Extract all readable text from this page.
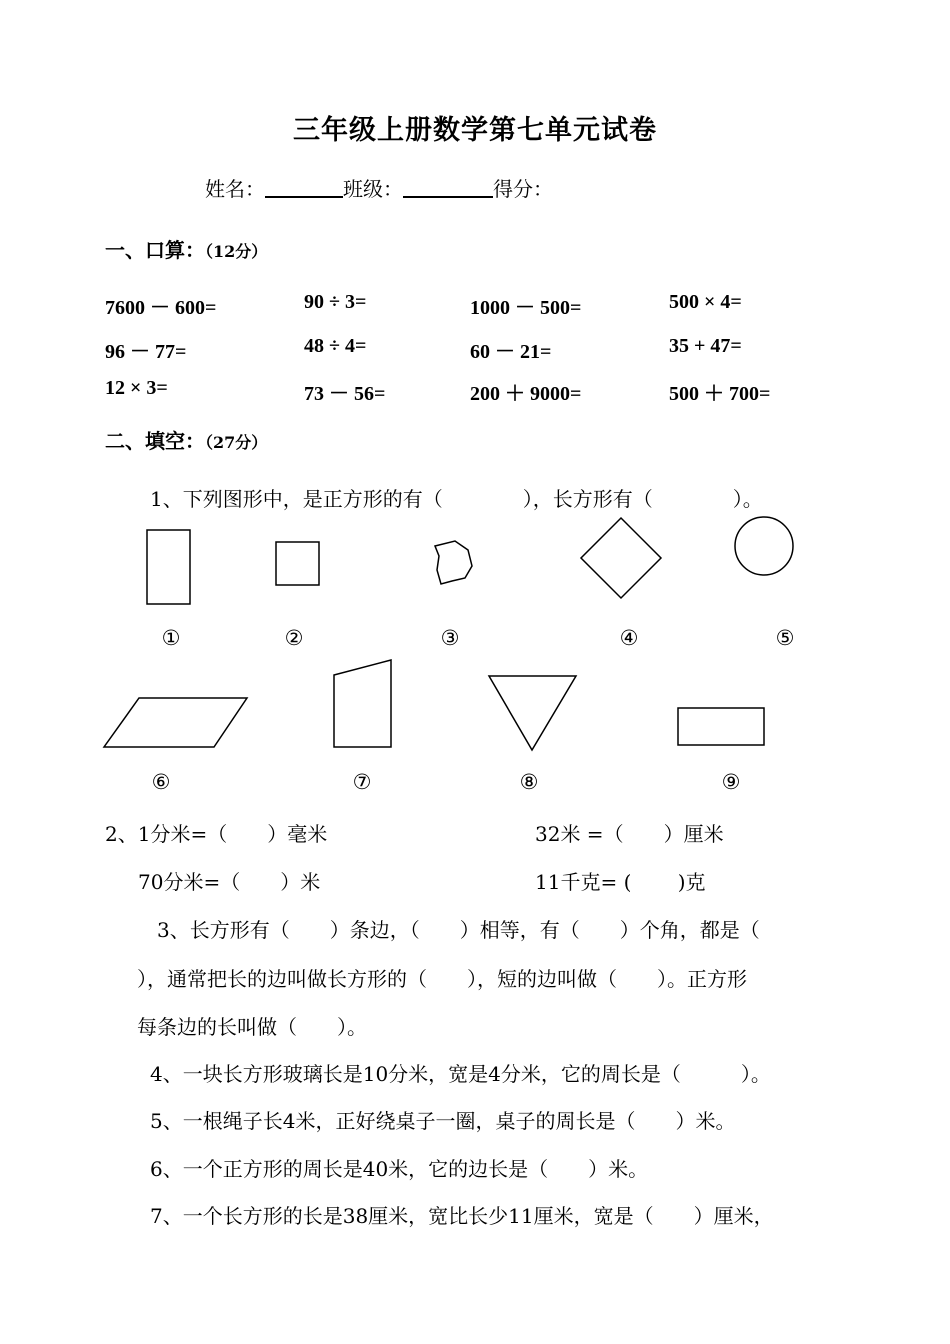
三年级上册数学第七单元试卷
姓名：	班级：	得分：
一、口算：（12分）
7600 － 600=	90 ÷ 3=	1000 － 500=	500 × 4=
96 － 77=	48 ÷ 4=	60 － 21=	35 + 47=
12 × 3=	73 － 56=	200 ＋ 9000=	500 ＋ 700=
二、填空：（27分）
1、下列图形中，是正方形的有（　　　　），长方形有（　　　　）。
①	②	③	④	⑤
⑥	⑦	⑧	⑨
2、1分米=（　　）毫米	32米 =（　　）厘米
70分米=（　　）米	11千克= (　　 )克
3、长方形有（　　）条边，（　　）相等，有（　　）个角，都是（
），通常把长的边叫做长方形的（　　），短的边叫做（　　）。正方形
每条边的长叫做（　　）。
4、一块长方形玻璃长是10分米，宽是4分米，它的周长是（　　　）。
5、一根绳子长4米，正好绕桌子一圈，桌子的周长是（　　）米。
6、一个正方形的周长是40米，它的边长是（　　）米。
7、一个长方形的长是38厘米，宽比长少11厘米，宽是（　　）厘米，
